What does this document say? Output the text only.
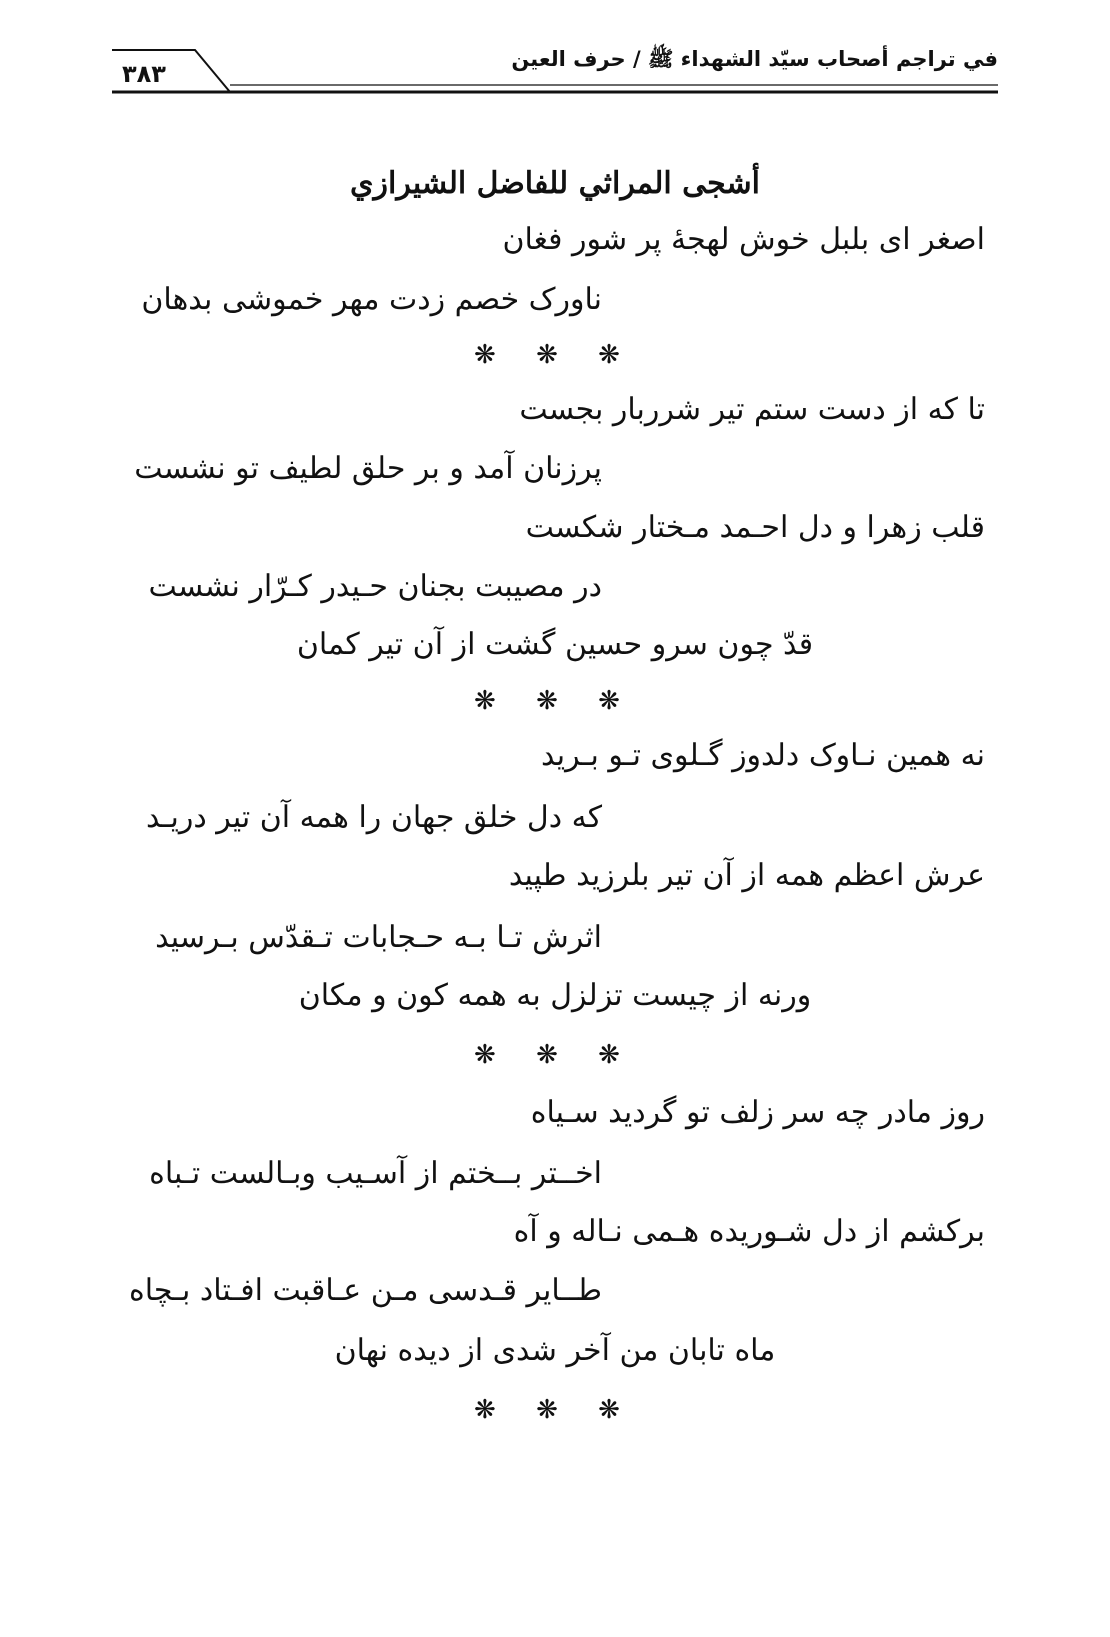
في تراجم أصحاب سيّد الشهداء ﷺ / حرف العين
٣٨٣
أشجى المراثي للفاضل الشيرازي
اصغر ای بلبل خوش لهجهٔ پر شور فغان
ناورک خصم زدت مهر خموشی بدهان
❋ ❋ ❋
تا که از دست ستم تیر شرربار بجست
پرزنان آمد و بر حلق لطیف تو نشست
قلب زهرا و دل احـمد مـختار شکست
در مصیبت بجنان حـیدر کـرّار نشست
قدّ چون سرو حسین گشت از آن تیر کمان
❋ ❋ ❋
نه همین نـاوک دلدوز گـلوی تـو بـرید
که دل خلق جهان را همه آن تیر دریـد
عرش اعظم همه از آن تیر بلرزید طپید
اثرش تـا بـه حـجابات تـقدّس بـرسید
ورنه از چیست تزلزل به همه کون و مکان
❋ ❋ ❋
روز مادر چه سر زلف تو گردید سـیاه
اخــتر بــختم از آسـیب وبـالست تـباه
برکشم از دل شـوریده هـمی نـاله و آه
طــایر قـدسی مـن عـاقبت افـتاد بـچاه
ماه تابان من آخر شدی از دیده نهان
❋ ❋ ❋
